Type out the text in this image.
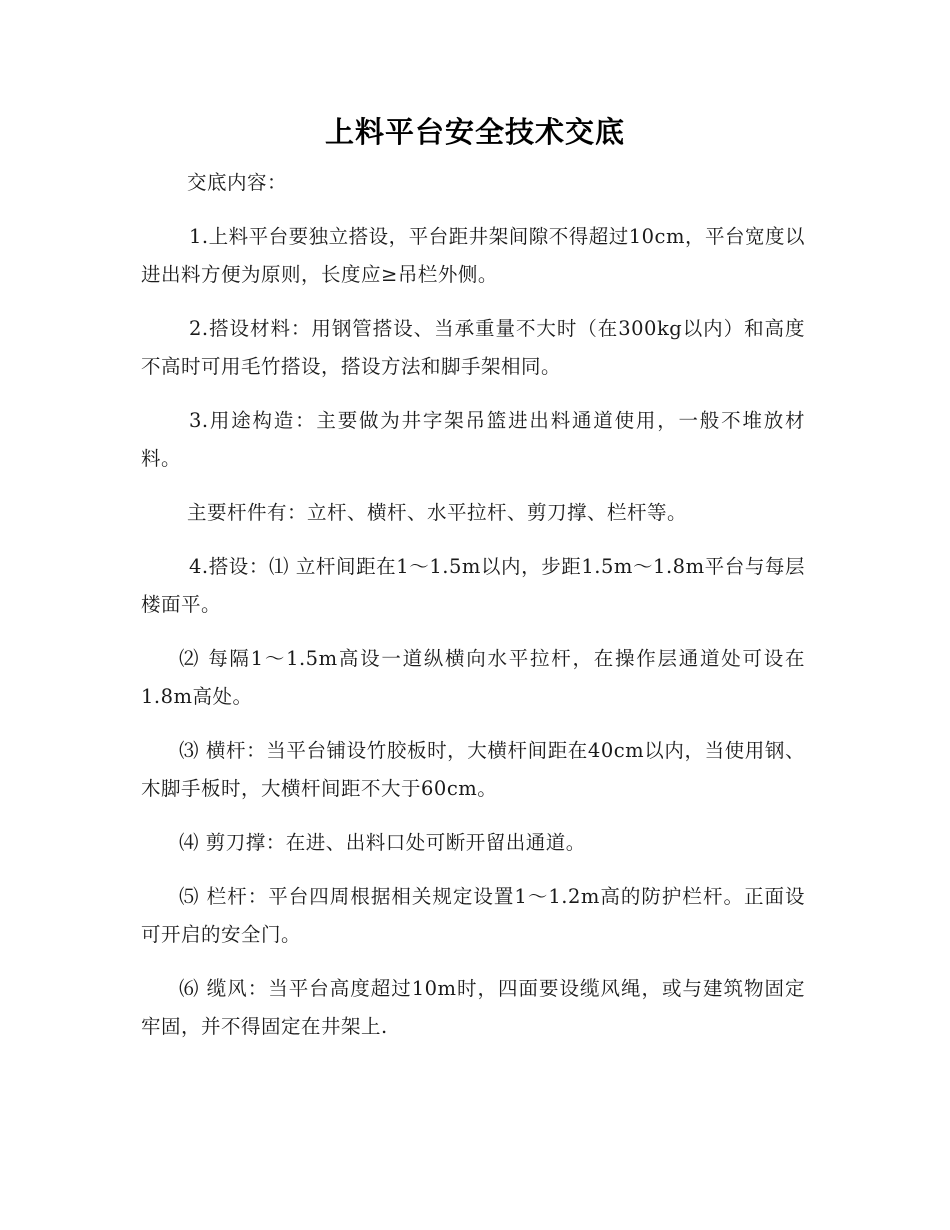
上料平台安全技术交底

交底内容：

1.上料平台要独立搭设，平台距井架间隙不得超过10cm，平台宽度以进出料方便为原则，长度应≥吊栏外侧。

2.搭设材料：用钢管搭设、当承重量不大时（在300kg以内）和高度不高时可用毛竹搭设，搭设方法和脚手架相同。

3.用途构造：主要做为井字架吊篮进出料通道使用，一般不堆放材料。

主要杆件有：立杆、横杆、水平拉杆、剪刀撑、栏杆等。

4.搭设：⑴ 立杆间距在1～1.5m以内，步距1.5m～1.8m平台与每层楼面平。

⑵ 每隔1～1.5m高设一道纵横向水平拉杆，在操作层通道处可设在1.8m高处。

⑶ 横杆：当平台铺设竹胶板时，大横杆间距在40cm以内，当使用钢、木脚手板时，大横杆间距不大于60cm。

⑷ 剪刀撑：在进、出料口处可断开留出通道。

⑸ 栏杆：平台四周根据相关规定设置1～1.2m高的防护栏杆。正面设可开启的安全门。

⑹ 缆风：当平台高度超过10m时，四面要设缆风绳，或与建筑物固定牢固，并不得固定在井架上.
